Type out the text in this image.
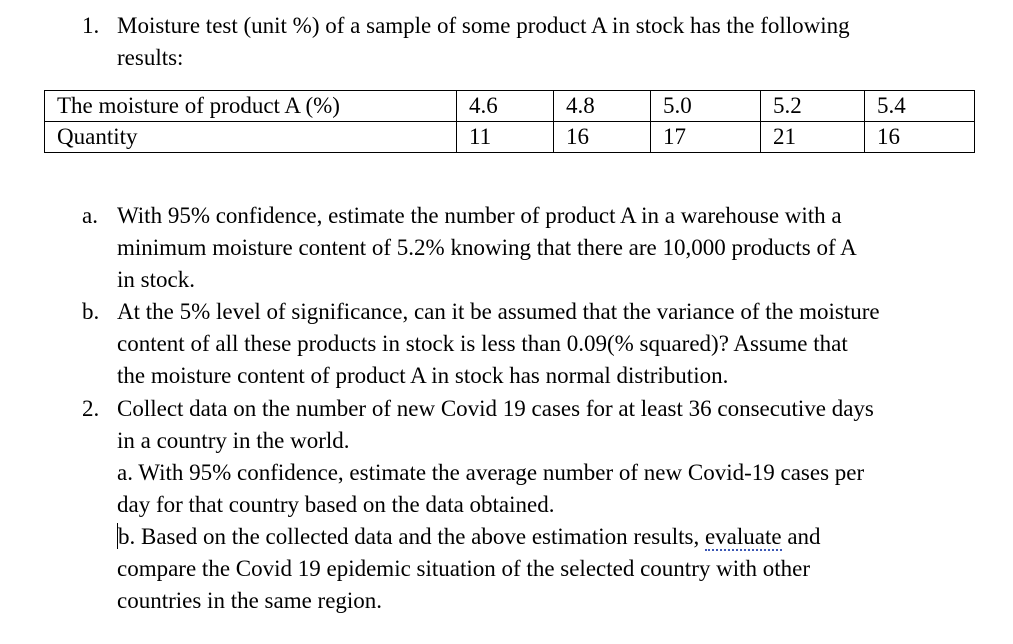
1. Moisture test (unit %) of a sample of some product A in stock has the following
results:
The moisture of product A (%)	4.6	4.8	5.0	5.2	5.4
Quantity	11	16	17	21	16
a. With 95% confidence, estimate the number of product A in a warehouse with a
minimum moisture content of 5.2% knowing that there are 10,000 products of A
in stock.
b. At the 5% level of significance, can it be assumed that the variance of the moisture
content of all these products in stock is less than 0.09(% squared)? Assume that
the moisture content of product A in stock has normal distribution.
2. Collect data on the number of new Covid 19 cases for at least 36 consecutive days
in a country in the world.
a. With 95% confidence, estimate the average number of new Covid-19 cases per
day for that country based on the data obtained.
b. Based on the collected data and the above estimation results, evaluate and
compare the Covid 19 epidemic situation of the selected country with other
countries in the same region.
